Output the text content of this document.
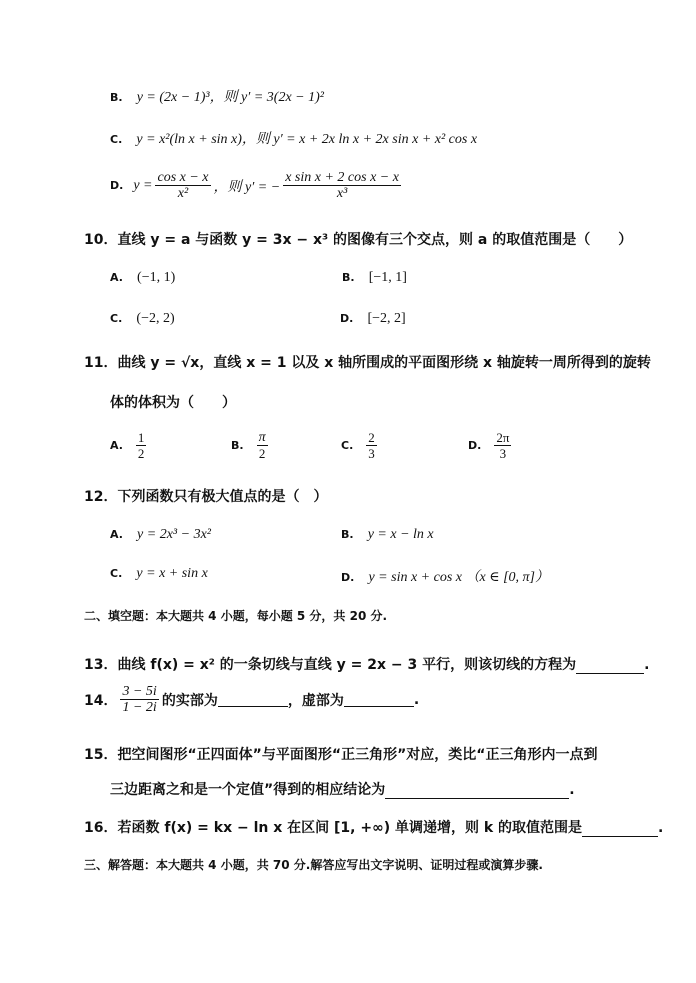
B. y = (2x − 1)³，则 y′ = 3(2x − 1)²
C. y = x²(ln x + sin x)，则 y′ = x + 2x ln x + 2x sin x + x² cos x
D. $y = \frac{\text{cos x − x}}{\text{x²}}$ ，则 y′ = − $\frac{\text{x sin x + 2 cos x − x}}{\text{x³}}$
10．直线 y = a 与函数 y = 3x − x³ 的图像有三个交点，则 a 的取值范围是（　　）
A. (−1, 1)	B. [−1, 1]
C. (−2, 2)	D. [−2, 2]
11．曲线 y = √x，直线 x = 1 以及 x 轴所围成的平面图形绕 x 轴旋转一周所得到的旋转
体的体积为（　　）
A. $\frac{1}{2}$	B. $\frac{\pi}{2}$	C. $\frac{2}{3}$	D. $\frac{2\pi}{3}$
12．下列函数只有极大值点的是（　）
A. y = 2x³ − 3x²	B. y = x − ln x
C. y = x + sin x	D. y = sin x + cos x （x ∈ [0, π]）
二、填空题：本大题共 4 小题，每小题 5 分，共 20 分.
13．曲线 f(x) = x² 的一条切线与直线 y = 2x − 3 平行，则该切线的方程为	.
14． $\frac{3 - 5i}{1 - 2i}$ 的实部为	，虚部为	.
15．把空间图形“正四面体”与平面图形“正三角形”对应，类比“正三角形内一点到
三边距离之和是一个定值”得到的相应结论为	.
16．若函数 f(x) = kx − ln x 在区间 [1, +∞) 单调递增，则 k 的取值范围是	.
三、解答题：本大题共 4 小题，共 70 分.解答应写出文字说明、证明过程或演算步骤.
